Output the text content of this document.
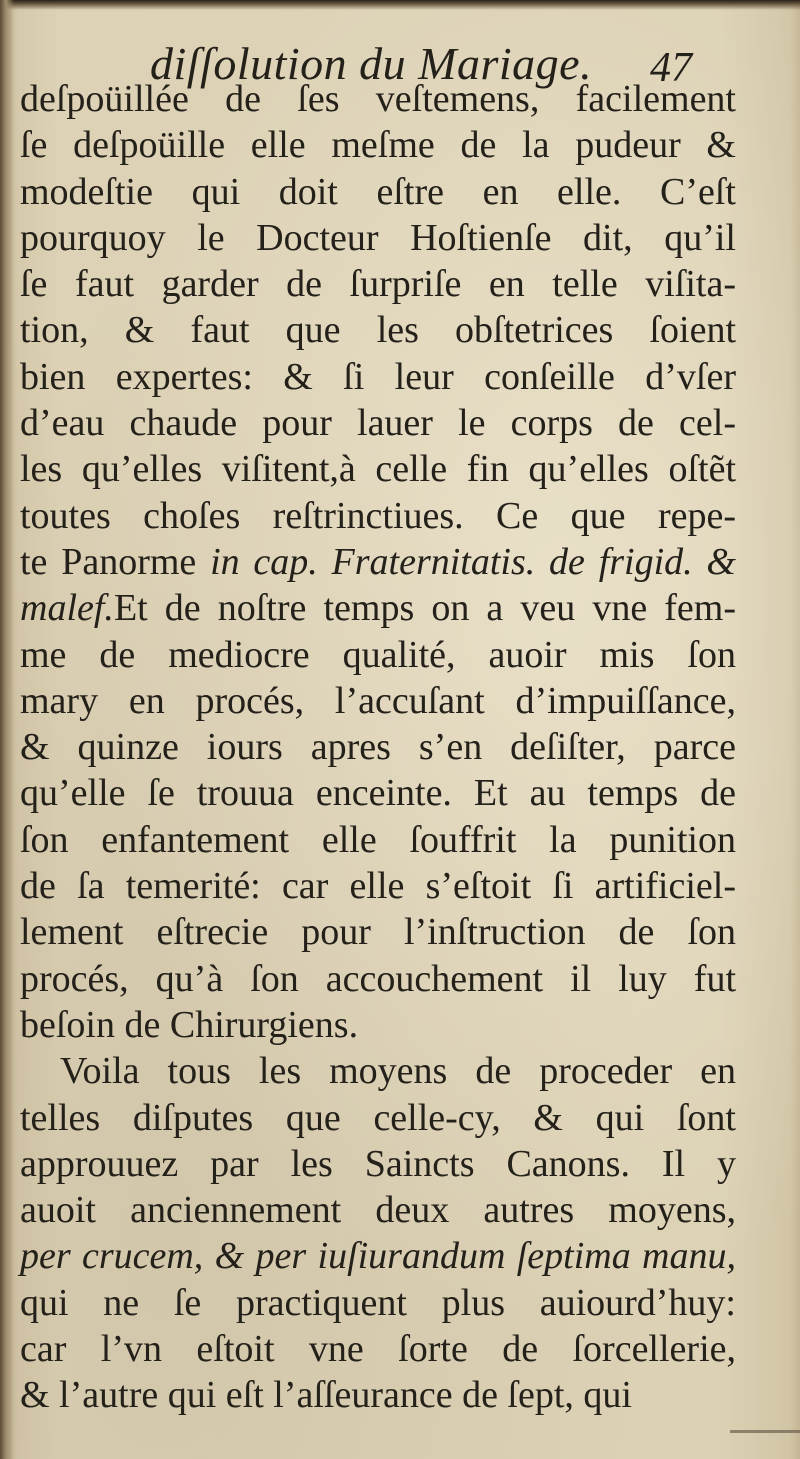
diſſolution du Mariage. 47
deſpoüillée de ſes veſtemens, facilement
ſe deſpoüille elle meſme de la pudeur &
modeſtie qui doit eſtre en elle. C’eſt
pourquoy le Docteur Hoſtienſe dit, qu’il
ſe faut garder de ſurpriſe en telle viſita-
tion, & faut que les obſtetrices ſoient
bien expertes: & ſi leur conſeille d’vſer
d’eau chaude pour lauer le corps de cel-
les qu’elles viſitent,à celle fin qu’elles oſtẽt
toutes choſes reſtrinctiues. Ce que repe-
te Panorme in cap. Fraternitatis. de frigid. &
malef.Et de noſtre temps on a veu vne fem-
me de mediocre qualité, auoir mis ſon
mary en procés, l’accuſant d’impuiſſance,
& quinze iours apres s’en deſiſter, parce
qu’elle ſe trouua enceinte. Et au temps de
ſon enfantement elle ſouffrit la punition
de ſa temerité: car elle s’eſtoit ſi artificiel-
lement eſtrecie pour l’inſtruction de ſon
procés, qu’à ſon accouchement il luy fut
beſoin de Chirurgiens.
Voila tous les moyens de proceder en
telles diſputes que celle-cy, & qui ſont
approuuez par les Saincts Canons. Il y
auoit anciennement deux autres moyens,
per crucem, & per iuſiurandum ſeptima manu,
qui ne ſe practiquent plus auiourd’huy:
car l’vn eſtoit vne ſorte de ſorcellerie,
& l’autre qui eſt l’aſſeurance de ſept, qui
